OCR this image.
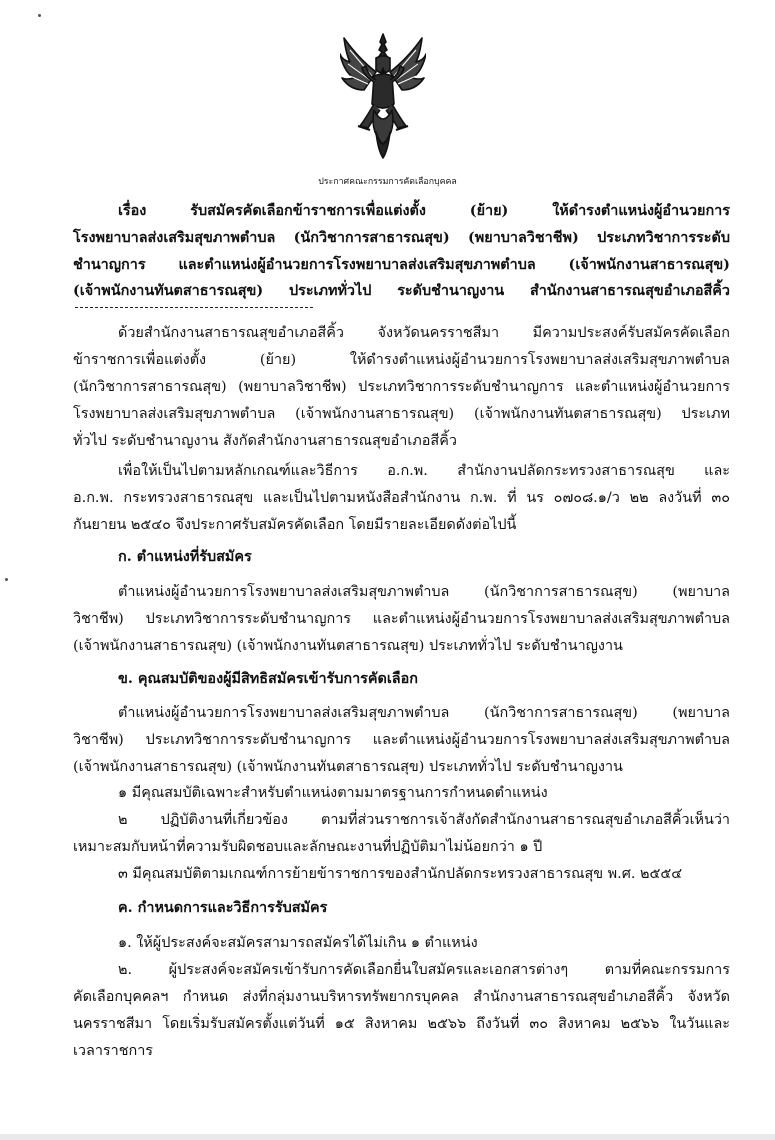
ประกาศคณะกรรมการคัดเลือกบุคคล
เรื่อง รับสมัครคัดเลือกข้าราชการเพื่อแต่งตั้ง (ย้าย) ให้ดำรงตำแหน่งผู้อำนวยการ
โรงพยาบาลส่งเสริมสุขภาพตำบล (นักวิชาการสาธารณสุข) (พยาบาลวิชาชีพ) ประเภทวิชาการระดับ
ชำนาญการ และตำแหน่งผู้อำนวยการโรงพยาบาลส่งเสริมสุขภาพตำบล (เจ้าพนักงานสาธารณสุข)
(เจ้าพนักงานทันตสาธารณสุข) ประเภททั่วไป ระดับชำนาญงาน สำนักงานสาธารณสุขอำเภอสีคิ้ว
ด้วยสำนักงานสาธารณสุขอำเภอสีคิ้ว จังหวัดนครราชสีมา มีความประสงค์รับสมัครคัดเลือก
ข้าราชการเพื่อแต่งตั้ง (ย้าย) ให้ดำรงตำแหน่งผู้อำนวยการโรงพยาบาลส่งเสริมสุขภาพตำบล
(นักวิชาการสาธารณสุข) (พยาบาลวิชาชีพ) ประเภทวิชาการระดับชำนาญการ และตำแหน่งผู้อำนวยการ
โรงพยาบาลส่งเสริมสุขภาพตำบล (เจ้าพนักงานสาธารณสุข) (เจ้าพนักงานทันตสาธารณสุข) ประเภท
ทั่วไป ระดับชำนาญงาน สังกัดสำนักงานสาธารณสุขอำเภอสีคิ้ว
เพื่อให้เป็นไปตามหลักเกณฑ์และวิธีการ อ.ก.พ. สำนักงานปลัดกระทรวงสาธารณสุข และ
อ.ก.พ. กระทรวงสาธารณสุข และเป็นไปตามหนังสือสำนักงาน ก.พ. ที่ นร ๐๗๐๘.๑/ว ๒๒ ลงวันที่ ๓๐
กันยายน ๒๕๔๐ จึงประกาศรับสมัครคัดเลือก โดยมีรายละเอียดดังต่อไปนี้
ก. ตำแหน่งที่รับสมัคร
ตำแหน่งผู้อำนวยการโรงพยาบาลส่งเสริมสุขภาพตำบล (นักวิชาการสาธารณสุข) (พยาบาล
วิชาชีพ) ประเภทวิชาการระดับชำนาญการ และตำแหน่งผู้อำนวยการโรงพยาบาลส่งเสริมสุขภาพตำบล
(เจ้าพนักงานสาธารณสุข) (เจ้าพนักงานทันตสาธารณสุข) ประเภททั่วไป ระดับชำนาญงาน
ข. คุณสมบัติของผู้มีสิทธิสมัครเข้ารับการคัดเลือก
ตำแหน่งผู้อำนวยการโรงพยาบาลส่งเสริมสุขภาพตำบล (นักวิชาการสาธารณสุข) (พยาบาล
วิชาชีพ) ประเภทวิชาการระดับชำนาญการ และตำแหน่งผู้อำนวยการโรงพยาบาลส่งเสริมสุขภาพตำบล
(เจ้าพนักงานสาธารณสุข) (เจ้าพนักงานทันตสาธารณสุข) ประเภททั่วไป ระดับชำนาญงาน
๑ มีคุณสมบัติเฉพาะสำหรับตำแหน่งตามมาตรฐานการกำหนดตำแหน่ง
๒ ปฏิบัติงานที่เกี่ยวข้อง ตามที่ส่วนราชการเจ้าสังกัดสำนักงานสาธารณสุขอำเภอสีคิ้วเห็นว่า
เหมาะสมกับหน้าที่ความรับผิดชอบและลักษณะงานที่ปฏิบัติมาไม่น้อยกว่า ๑ ปี
๓ มีคุณสมบัติตามเกณฑ์การย้ายข้าราชการของสำนักปลัดกระทรวงสาธารณสุข พ.ศ. ๒๕๕๔
ค. กำหนดการและวิธีการรับสมัคร
๑. ให้ผู้ประสงค์จะสมัครสามารถสมัครได้ไม่เกิน ๑ ตำแหน่ง
๒. ผู้ประสงค์จะสมัครเข้ารับการคัดเลือกยื่นใบสมัครและเอกสารต่างๆ ตามที่คณะกรรมการ
คัดเลือกบุคคลฯ กำหนด ส่งที่กลุ่มงานบริหารทรัพยากรบุคคล สำนักงานสาธารณสุขอำเภอสีคิ้ว จังหวัด
นครราชสีมา โดยเริ่มรับสมัครตั้งแต่วันที่ ๑๕ สิงหาคม ๒๕๖๖ ถึงวันที่ ๓๐ สิงหาคม ๒๕๖๖ ในวันและ
เวลาราชการ
